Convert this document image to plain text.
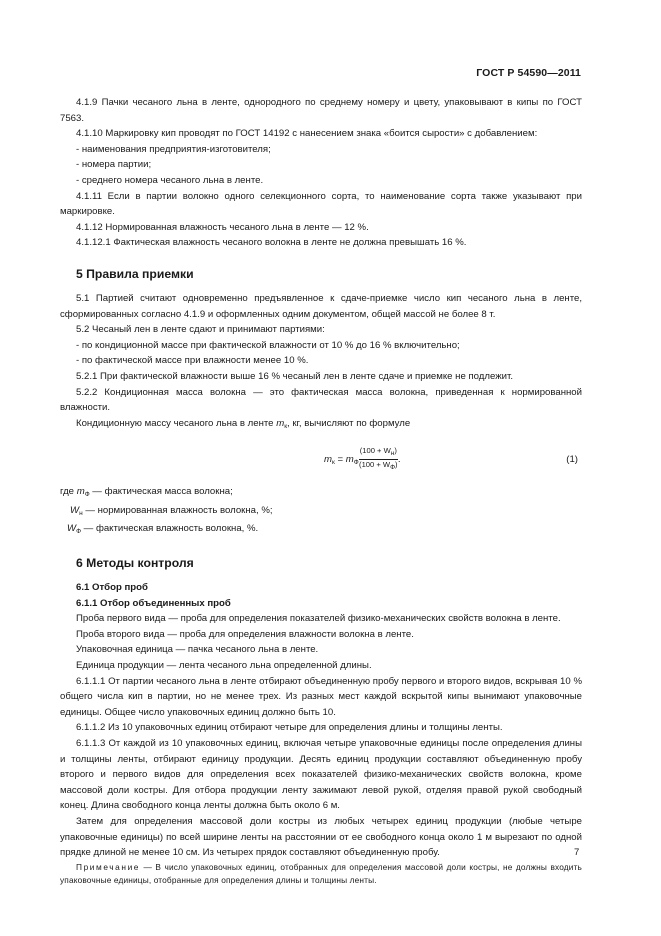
ГОСТ Р 54590—2011

4.1.9 Пачки чесаного льна в ленте, однородного по среднему номеру и цвету, упаковывают в кипы по ГОСТ 7563.

4.1.10 Маркировку кип проводят по ГОСТ 14192 с нанесением знака «боится сырости» с добавлением:

- наименования предприятия-изготовителя;

- номера партии;

- среднего номера чесаного льна в ленте.

4.1.11 Если в партии волокно одного селекционного сорта, то наименование сорта также указывают при маркировке.

4.1.12 Нормированная влажность чесаного льна в ленте — 12 %.

4.1.12.1 Фактическая влажность чесаного волокна в ленте не должна превышать 16 %.

5 Правила приемки

5.1 Партией считают одновременно предъявленное к сдаче-приемке число кип чесаного льна в ленте, сформированных согласно 4.1.9 и оформленных одним документом, общей массой не более 8 т.

5.2 Чесаный лен в ленте сдают и принимают партиями:

- по кондиционной массе при фактической влажности от 10 % до 16 % включительно;

- по фактической массе при влажности менее 10 %.

5.2.1 При фактической влажности выше 16 % чесаный лен в ленте сдаче и приемке не подлежит.

5.2.2 Кондиционная масса волокна — это фактическая масса волокна, приведенная к нормированной влажности.

Кондиционную массу чесаного льна в ленте $m_к$, кг, вычисляют по формуле

$m_к = m_Ф \frac{(100 + W_н)}{(100 + W_Ф)}$ .	(1)
где $m_Ф$ — фактическая масса волокна;
$W_н$ — нормированная влажность волокна, %;
$W_Ф$ — фактическая влажность волокна, %.
6 Методы контроля
6.1 Отбор проб
6.1.1 Отбор объединенных проб

Проба первого вида — проба для определения показателей физико-механических свойств волокна в ленте.

Проба второго вида — проба для определения влажности волокна в ленте.

Упаковочная единица — пачка чесаного льна в ленте.

Единица продукции — лента чесаного льна определенной длины.

6.1.1.1 От партии чесаного льна в ленте отбирают объединенную пробу первого и второго видов, вскрывая 10 % общего числа кип в партии, но не менее трех. Из разных мест каждой вскрытой кипы вынимают упаковочные единицы. Общее число упаковочных единиц должно быть 10.

6.1.1.2 Из 10 упаковочных единиц отбирают четыре для определения длины и толщины ленты.

6.1.1.3 От каждой из 10 упаковочных единиц, включая четыре упаковочные единицы после определения длины и толщины ленты, отбирают единицу продукции. Десять единиц продукции составляют объединенную пробу второго и первого видов для определения всех показателей физико-механических свойств волокна, кроме массовой доли костры. Для отбора продукции ленту зажимают левой рукой, отделяя правой рукой свободный конец. Длина свободного конца ленты должна быть около 6 м.

Затем для определения массовой доли костры из любых четырех единиц продукции (любые четыре упаковочные единицы) по всей ширине ленты на расстоянии от ее свободного конца около 1 м вырезают по одной прядке длиной не менее 10 см. Из четырех прядок составляют объединенную пробу.

Примечание — В число упаковочных единиц, отобранных для определения массовой доли костры, не должны входить упаковочные единицы, отобранные для определения длины и толщины ленты.

7
